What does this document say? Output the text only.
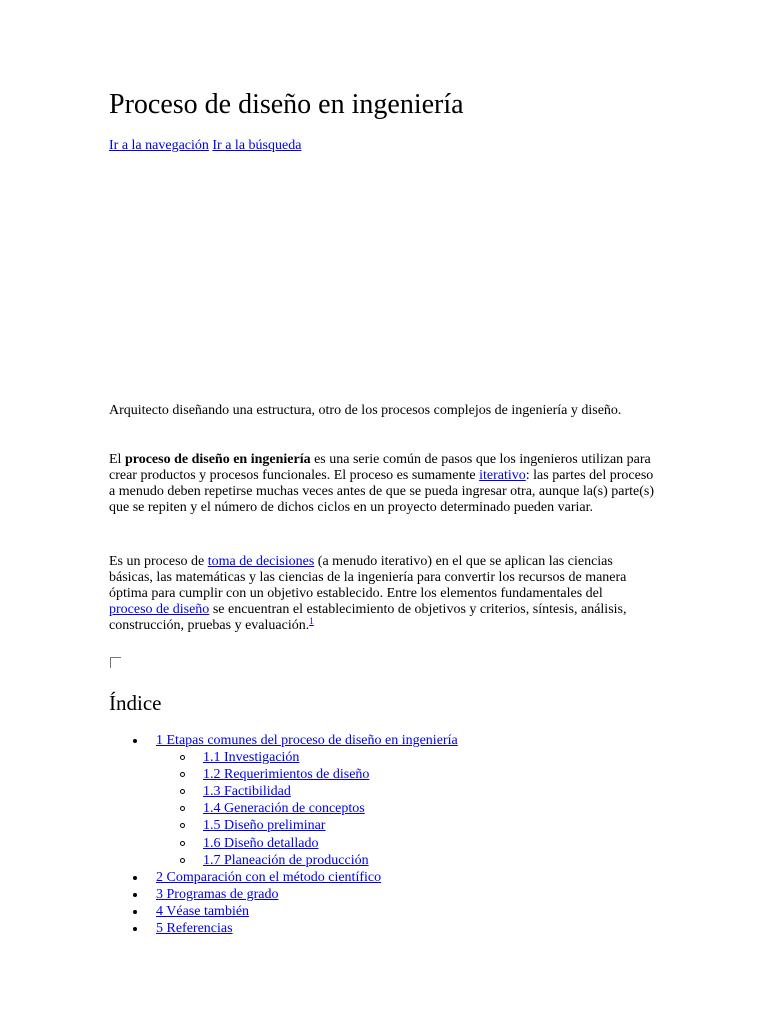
Proceso de diseño en ingeniería
Ir a la navegación Ir a la búsqueda
Arquitecto diseñando una estructura, otro de los procesos complejos de ingeniería y diseño.

El proceso de diseño en ingeniería es una serie común de pasos que los ingenieros utilizan para crear productos y procesos funcionales. El proceso es sumamente iterativo: las partes del proceso a menudo deben repetirse muchas veces antes de que se pueda ingresar otra, aunque la(s) parte(s) que se repiten y el número de dichos ciclos en un proyecto determinado pueden variar.

Es un proceso de toma de decisiones (a menudo iterativo) en el que se aplican las ciencias básicas, las matemáticas y las ciencias de la ingeniería para convertir los recursos de manera óptima para cumplir con un objetivo establecido. Entre los elementos fundamentales del proceso de diseño se encuentran el establecimiento de objetivos y criterios, síntesis, análisis, construcción, pruebas y evaluación.$^1$

Índice
1 Etapas comunes del proceso de diseño en ingeniería
1.1 Investigación
1.2 Requerimientos de diseño
1.3 Factibilidad
1.4 Generación de conceptos
1.5 Diseño preliminar
1.6 Diseño detallado
1.7 Planeación de producción
2 Comparación con el método científico
3 Programas de grado
4 Véase también
5 Referencias
